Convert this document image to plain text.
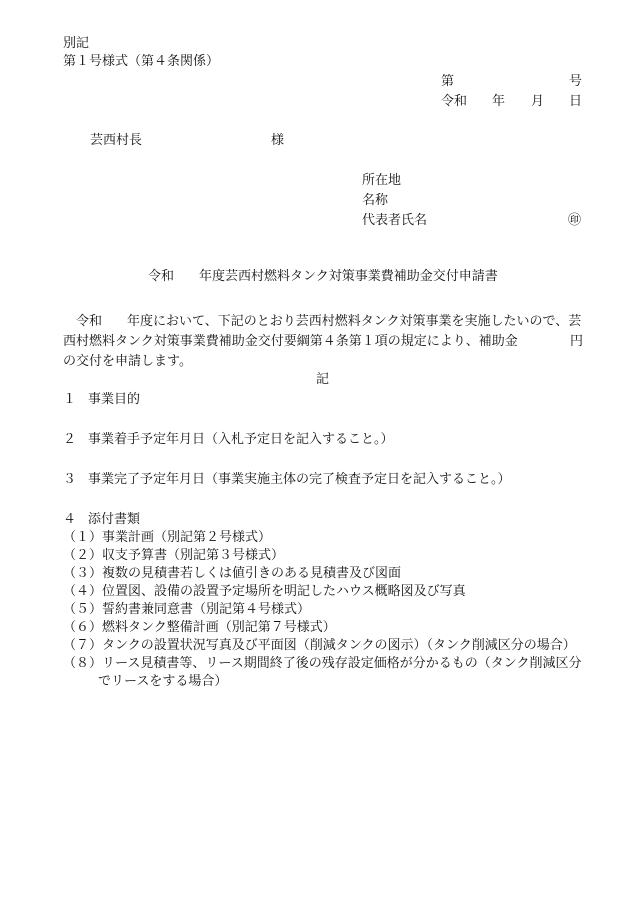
別記
第１号様式（第４条関係）
第	号
令和 年 月 日
芸西村長	様
所在地
名称
代表者氏名	㊞
令和 年度芸西村燃料タンク対策事業費補助金交付申請書
令和 年度において、下記のとおり芸西村燃料タンク対策事業を実施したいので、芸
西村燃料タンク対策事業費補助金交付要綱第４条第１項の規定により、補助金	円
の交付を申請します。
記
１ 事業目的
２ 事業着手予定年月日（入札予定日を記入すること。）
３ 事業完了予定年月日（事業実施主体の完了検査予定日を記入すること。）
４ 添付書類
（１）事業計画（別記第２号様式）
（２）収支予算書（別記第３号様式）
（３）複数の見積書若しくは値引きのある見積書及び図面
（４）位置図、設備の設置予定場所を明記したハウス概略図及び写真
（５）誓約書兼同意書（別記第４号様式）
（６）燃料タンク整備計画（別記第７号様式）
（７）タンクの設置状況写真及び平面図（削減タンクの図示）（タンク削減区分の場合）
（８）リース見積書等、リース期間終了後の残存設定価格が分かるもの（タンク削減区分
でリースをする場合）
